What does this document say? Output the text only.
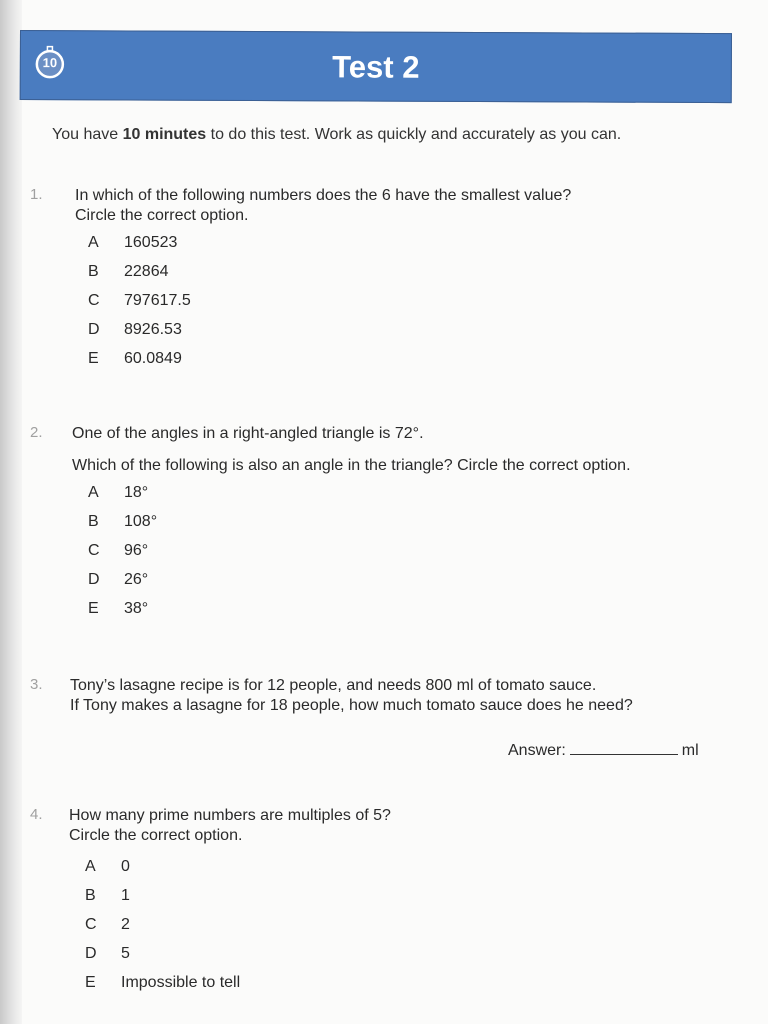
10	Test 2
You have 10 minutes to do this test. Work as quickly and accurately as you can.
1. In which of the following numbers does the 6 have the smallest value?

Circle the correct option.

A	160523
B	22864
C	797617.5
D	8926.53
E	60.0849
2. One of the angles in a right-angled triangle is 72°.

Which of the following is also an angle in the triangle? Circle the correct option.

A	18°
B	108°
C	96°
D	26°
E	38°
3. Tony’s lasagne recipe is for 12 people, and needs 800 ml of tomato sauce.

If Tony makes a lasagne for 18 people, how much tomato sauce does he need?

Answer:	ml
4. How many prime numbers are multiples of 5?

Circle the correct option.

A	0
B	1
C	2
D	5
E	Impossible to tell
